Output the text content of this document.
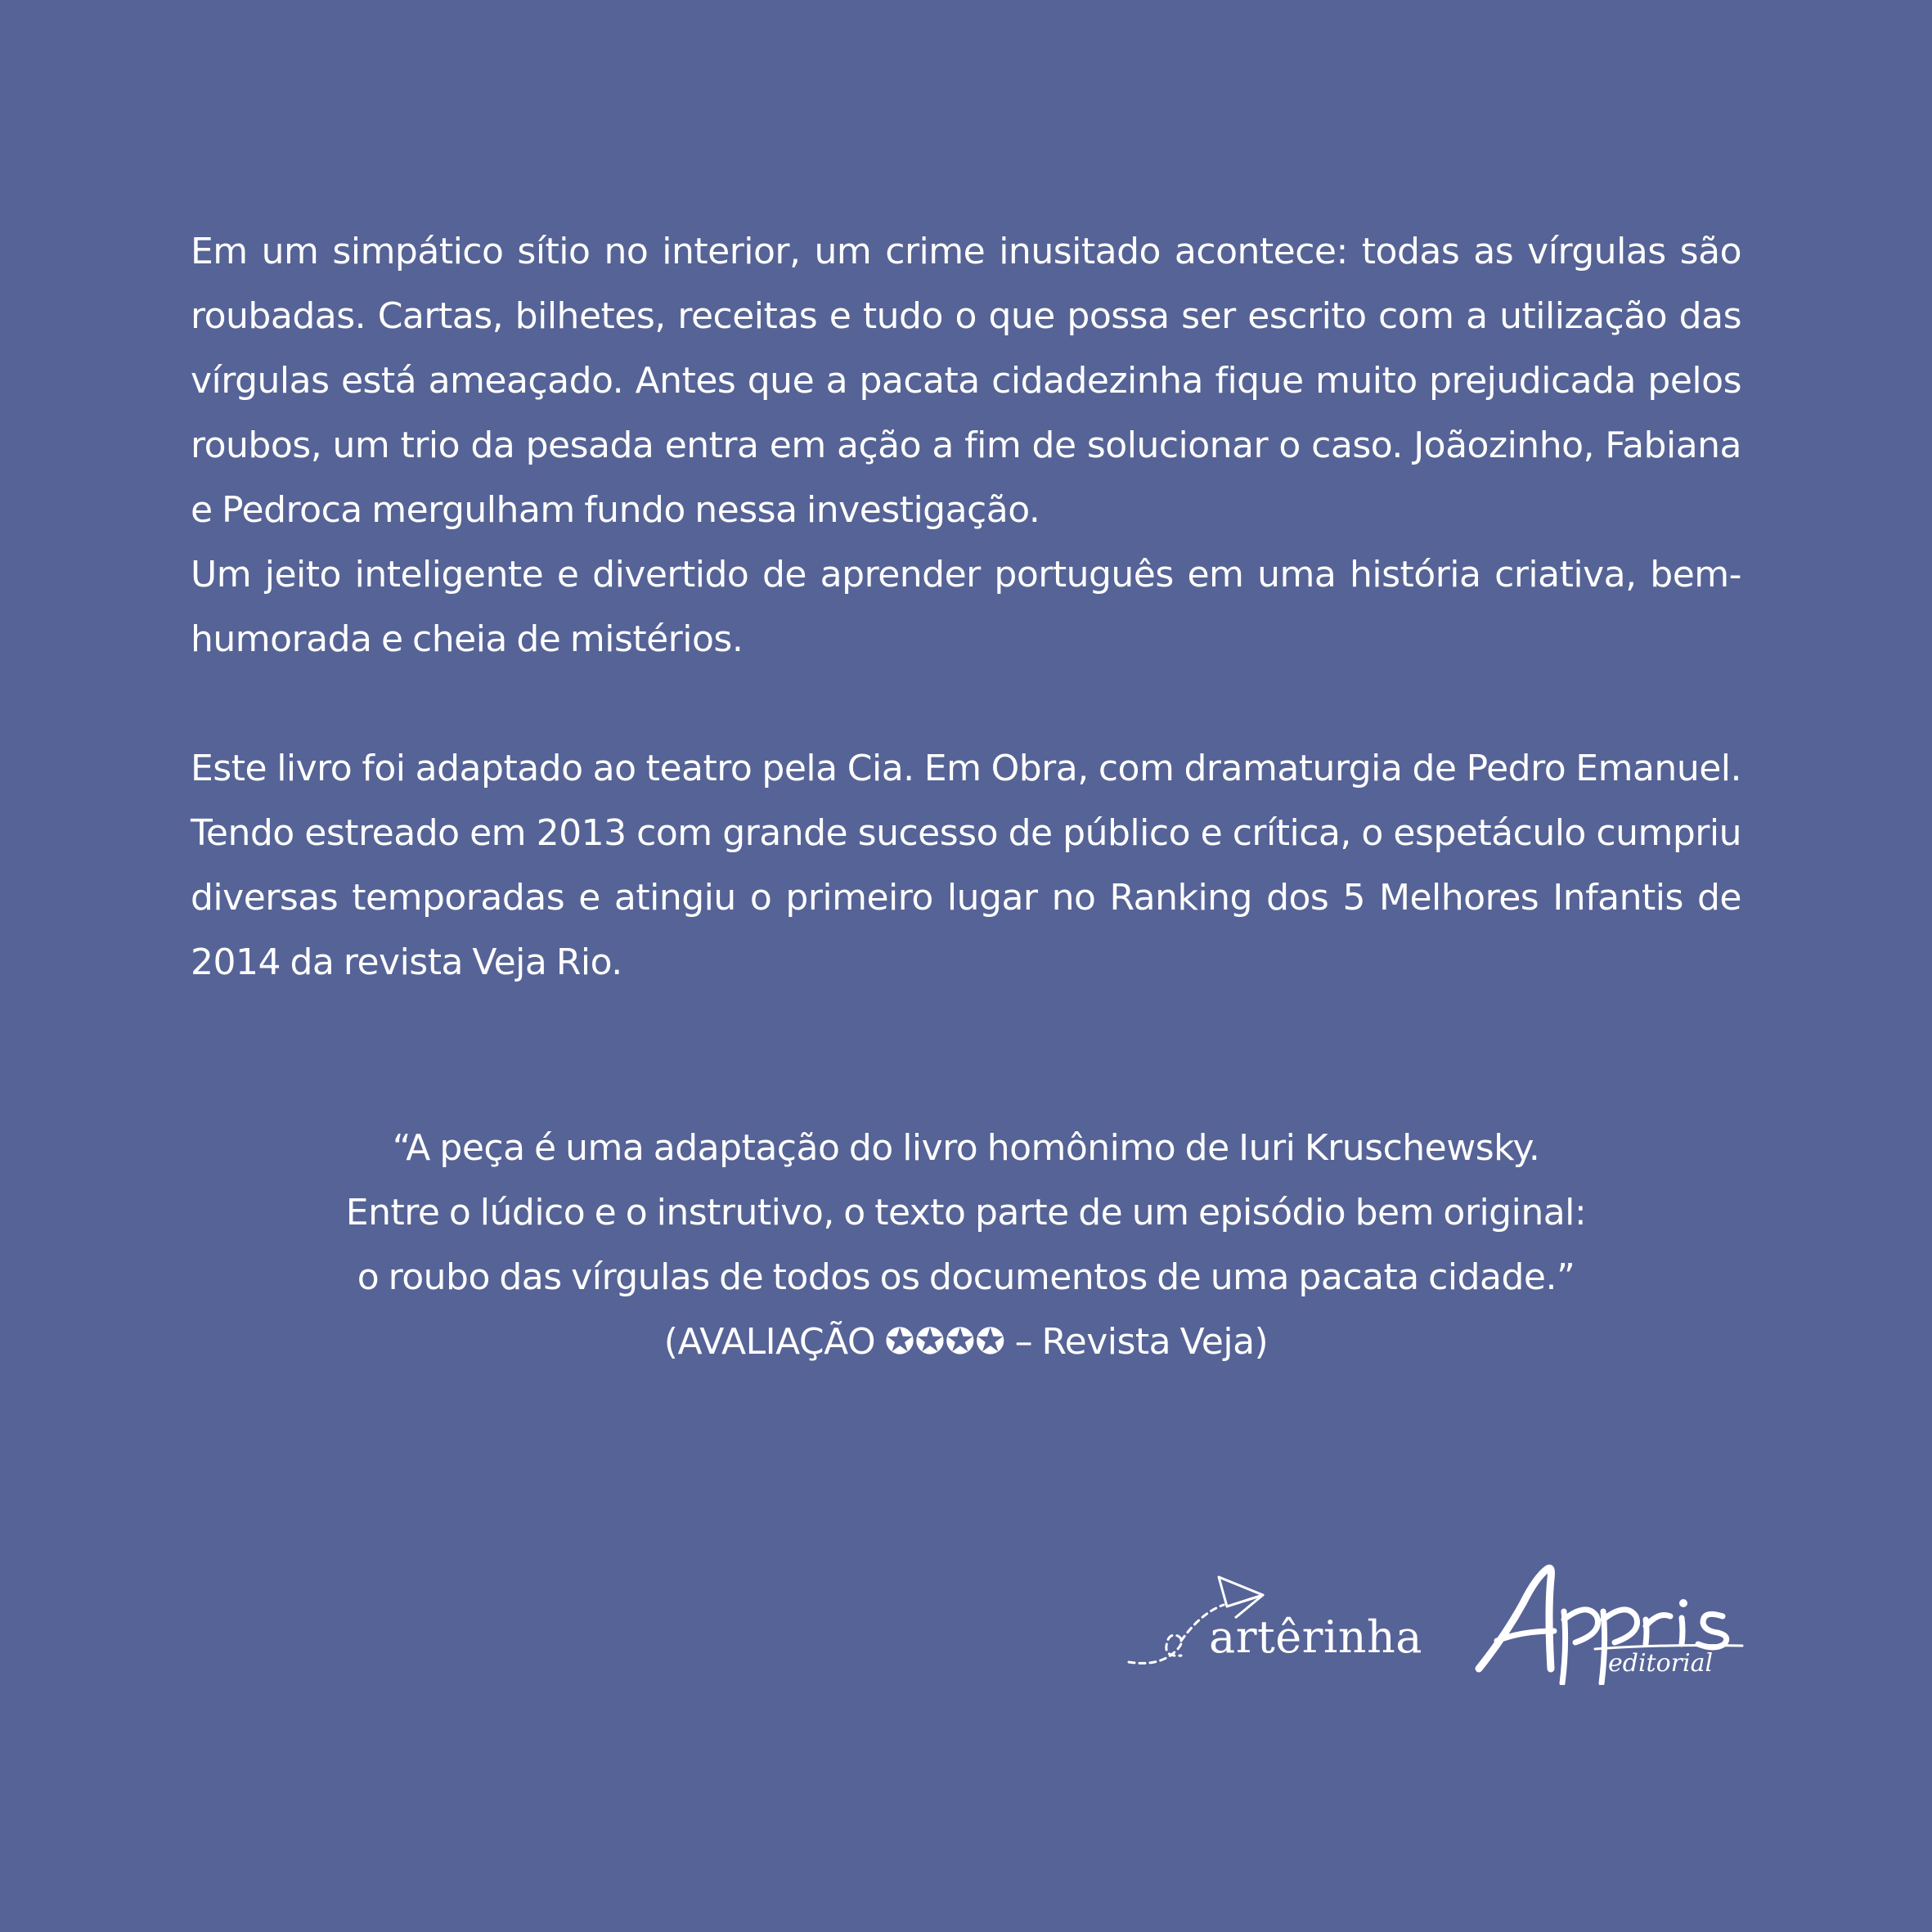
Em um simpático sítio no interior, um crime inusitado acontece: todas as vírgulas são roubadas. Cartas, bilhetes, receitas e tudo o que possa ser escrito com a utilização das vírgulas está ameaçado. Antes que a pacata cidadezinha fique muito prejudicada pelos roubos, um trio da pesada entra em ação a fim de solucionar o caso. Joãozinho, Fabiana e Pedroca mergulham fundo nessa investigação.

Um jeito inteligente e divertido de aprender português em uma história criativa, bem-humorada e cheia de mistérios.

Este livro foi adaptado ao teatro pela Cia. Em Obra, com dramaturgia de Pedro Emanuel. Tendo estreado em 2013 com grande sucesso de público e crítica, o espetáculo cumpriu diversas temporadas e atingiu o primeiro lugar no Ranking dos 5 Melhores Infantis de 2014 da revista Veja Rio.

“A peça é uma adaptação do livro homônimo de Iuri Kruschewsky.

Entre o lúdico e o instrutivo, o texto parte de um episódio bem original:

o roubo das vírgulas de todos os documentos de uma pacata cidade.”

(AVALIAÇÃO ✪✪✪✪ – Revista Veja)

artêrinha
editorial
